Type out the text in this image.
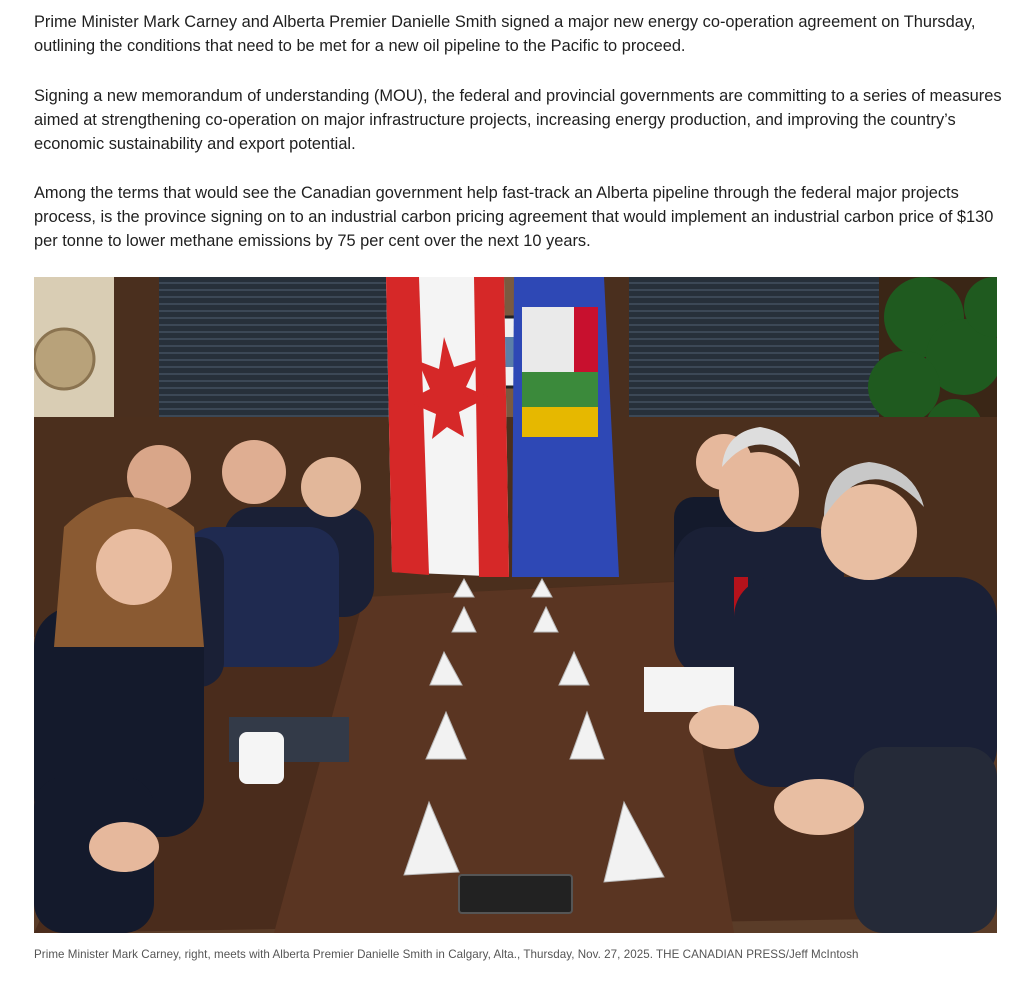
Prime Minister Mark Carney and Alberta Premier Danielle Smith signed a major new energy co-operation agreement on Thursday, outlining the conditions that need to be met for a new oil pipeline to the Pacific to proceed.

Signing a new memorandum of understanding (MOU), the federal and provincial governments are committing to a series of measures aimed at strengthening co-operation on major infrastructure projects, increasing energy production, and improving the country’s economic sustainability and export potential.

Among the terms that would see the Canadian government help fast-track an Alberta pipeline through the federal major projects process, is the province signing on to an industrial carbon pricing agreement that would implement an industrial carbon price of $130 per tonne to lower methane emissions by 75 per cent over the next 10 years.

Prime Minister Mark Carney, right, meets with Alberta Premier Danielle Smith in Calgary, Alta., Thursday, Nov. 27, 2025. THE CANADIAN PRESS/Jeff McIntosh
